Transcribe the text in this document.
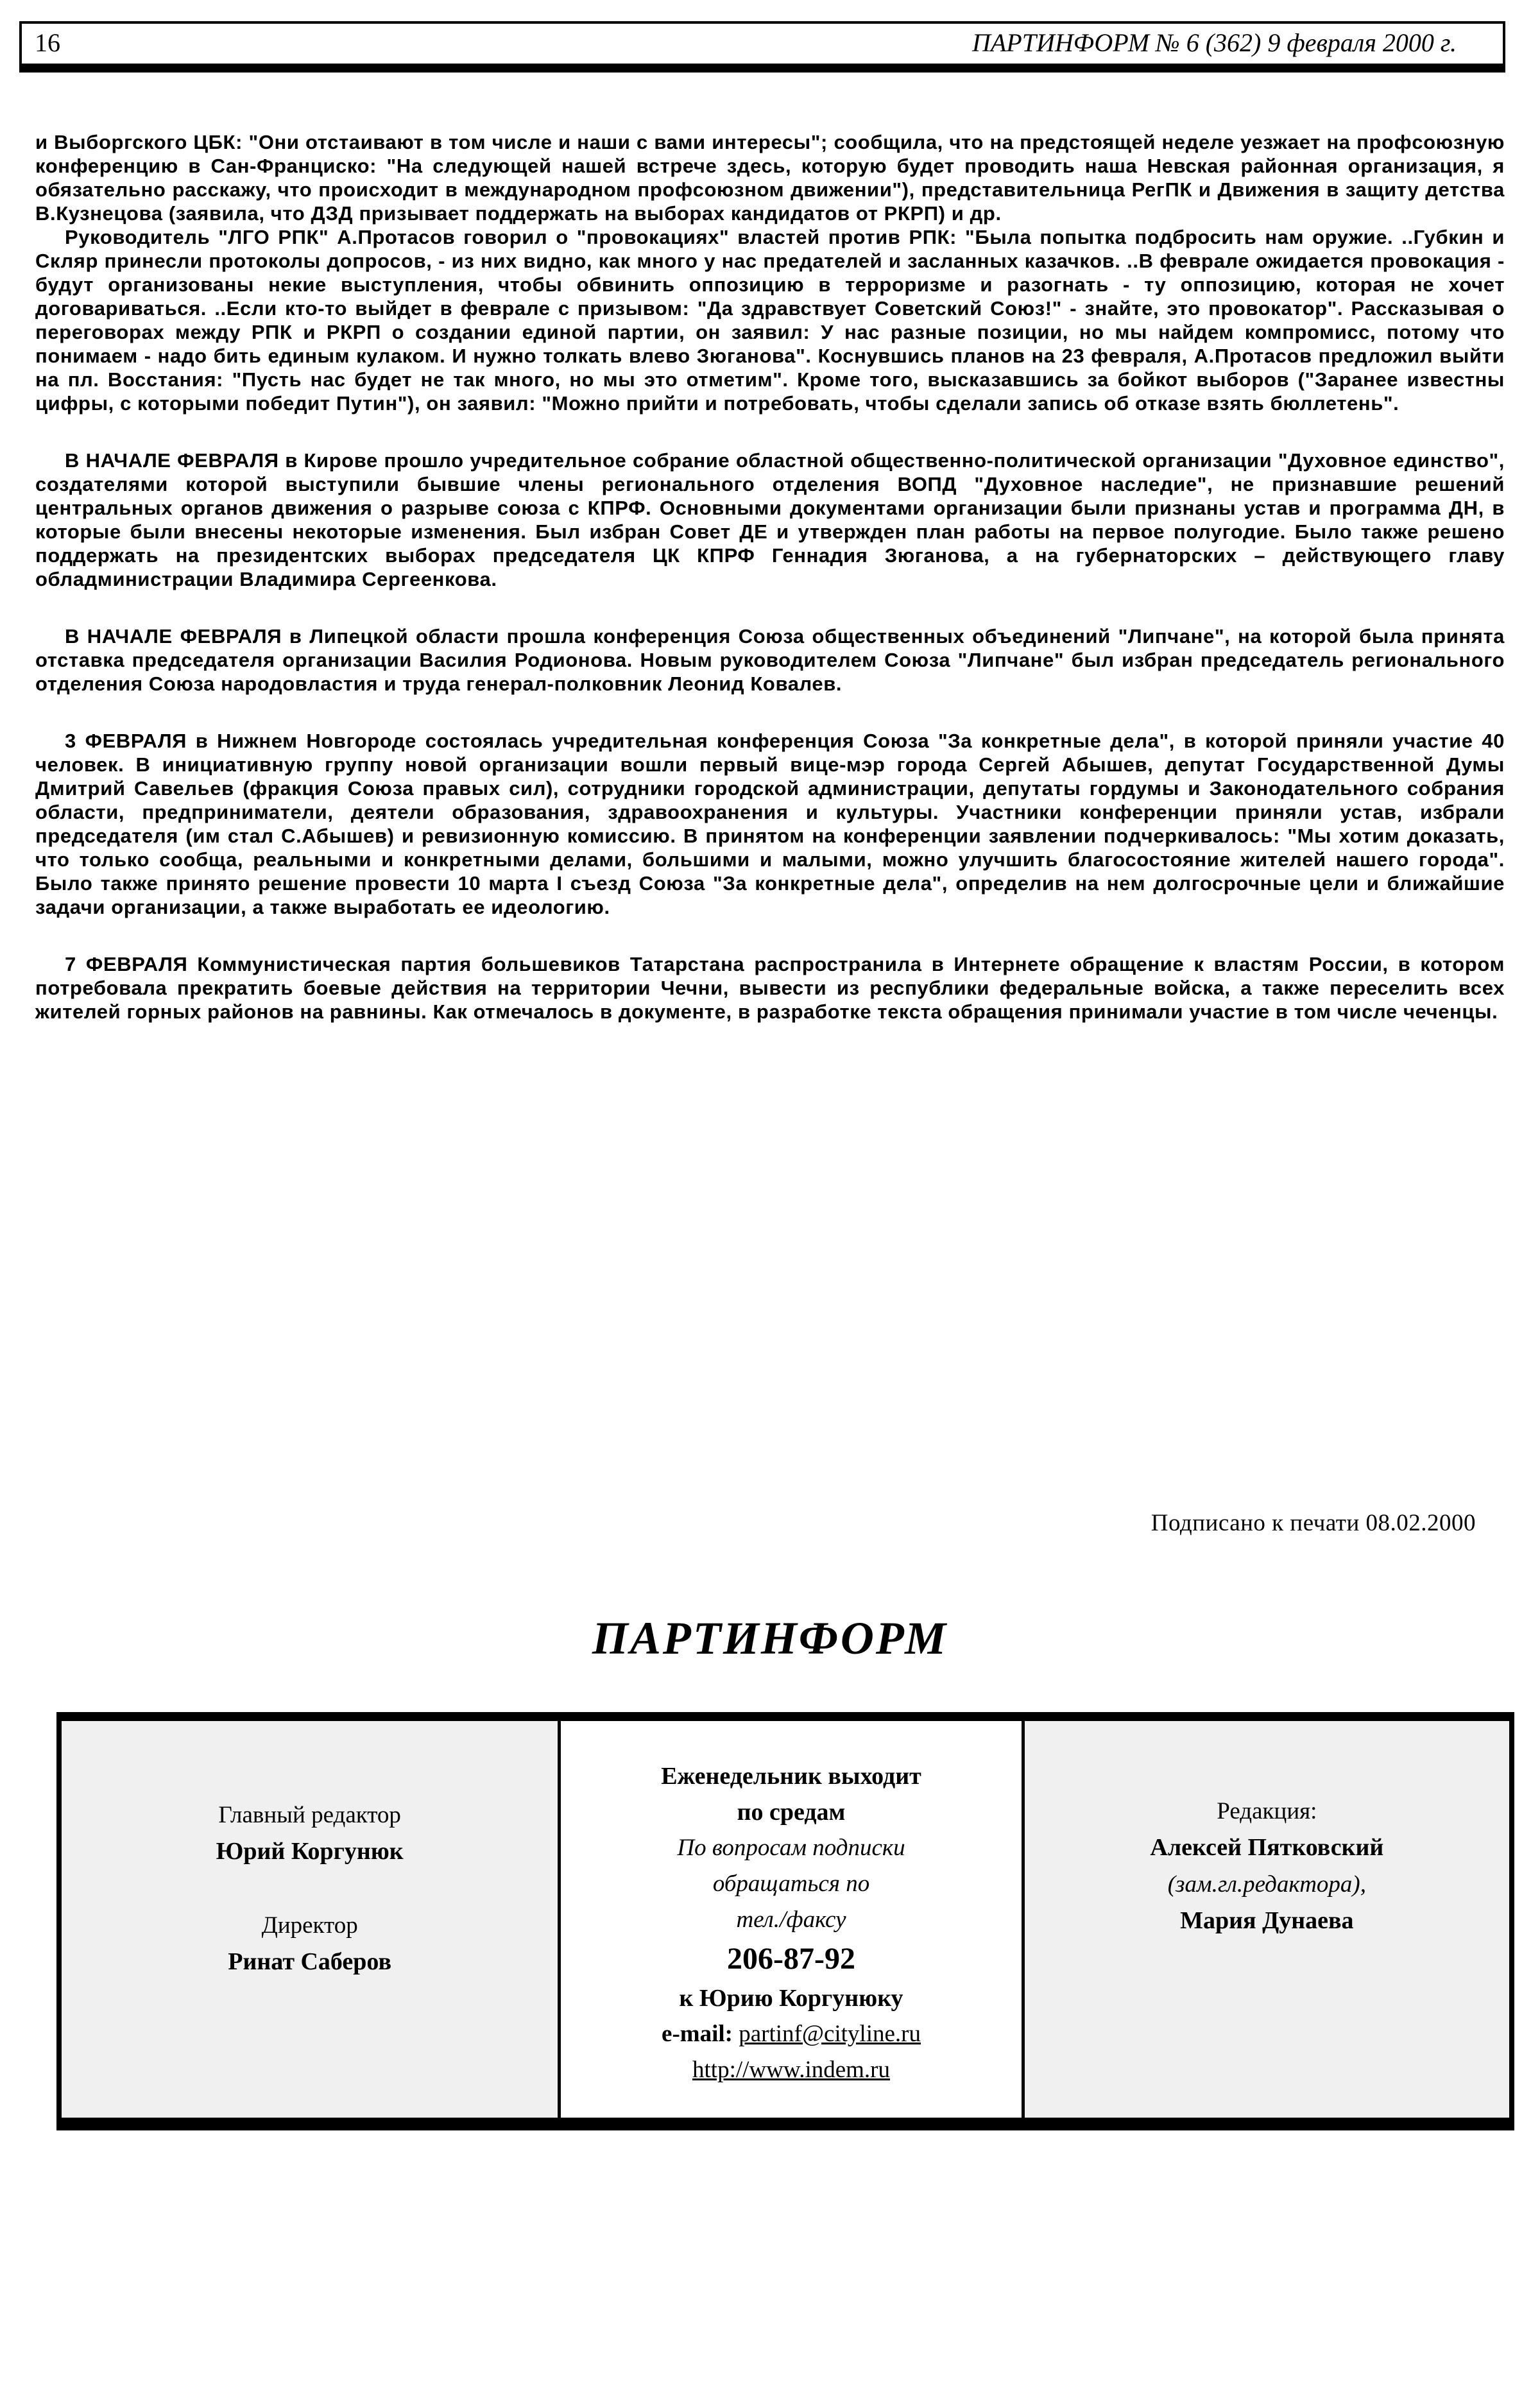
16	ПАРТИНФОРМ № 6 (362) 9 февраля 2000 г.

и Выборгского ЦБК: "Они отстаивают в том числе и наши с вами интересы"; сообщила, что на предстоящей неделе уезжает на профсоюзную конференцию в Сан-Франциско: "На следующей нашей встрече здесь, которую будет проводить наша Невская районная организация, я обязательно расскажу, что происходит в международном профсоюзном движении"), представительница РегПК и Движения в защиту детства В.Кузнецова (заявила, что ДЗД призывает поддержать на выборах кандидатов от РКРП) и др.

Руководитель "ЛГО РПК" А.Протасов говорил о "провокациях" властей против РПК: "Была попытка подбросить нам оружие. ..Губкин и Скляр принесли протоколы допросов, - из них видно, как много у нас предателей и засланных казачков. ..В феврале ожидается провокация - будут организованы некие выступления, чтобы обвинить оппозицию в терроризме и разогнать - ту оппозицию, которая не хочет договариваться. ..Если кто-то выйдет в феврале с призывом: "Да здравствует Советский Союз!" - знайте, это провокатор". Рассказывая о переговорах между РПК и РКРП о создании единой партии, он заявил: У нас разные позиции, но мы найдем компромисс, потому что понимаем - надо бить единым кулаком. И нужно толкать влево Зюганова". Коснувшись планов на 23 февраля, А.Протасов предложил выйти на пл. Восстания: "Пусть нас будет не так много, но мы это отметим". Кроме того, высказавшись за бойкот выборов ("Заранее известны цифры, с которыми победит Путин"), он заявил: "Можно прийти и потребовать, чтобы сделали запись об отказе взять бюллетень".

В НАЧАЛЕ ФЕВРАЛЯ в Кирове прошло учредительное собрание областной общественно-политической организации "Духовное единство", создателями которой выступили бывшие члены регионального отделения ВОПД "Духовное наследие", не признавшие решений центральных органов движения о разрыве союза с КПРФ. Основными документами организации были признаны устав и программа ДН, в которые были внесены некоторые изменения. Был избран Совет ДЕ и утвержден план работы на первое полугодие. Было также решено поддержать на президентских выборах председателя ЦК КПРФ Геннадия Зюганова, а на губернаторских – действующего главу обладминистрации Владимира Сергеенкова.

В НАЧАЛЕ ФЕВРАЛЯ в Липецкой области прошла конференция Союза общественных объединений "Липчане", на которой была принята отставка председателя организации Василия Родионова. Новым руководителем Союза "Липчане" был избран председатель регионального отделения Союза народовластия и труда генерал-полковник Леонид Ковалев.

3 ФЕВРАЛЯ в Нижнем Новгороде состоялась учредительная конференция Союза "За конкретные дела", в которой приняли участие 40 человек. В инициативную группу новой организации вошли первый вице-мэр города Сергей Абышев, депутат Государственной Думы Дмитрий Савельев (фракция Союза правых сил), сотрудники городской администрации, депутаты гордумы и Законодательного собрания области, предприниматели, деятели образования, здравоохранения и культуры. Участники конференции приняли устав, избрали председателя (им стал С.Абышев) и ревизионную комиссию. В принятом на конференции заявлении подчеркивалось: "Мы хотим доказать, что только сообща, реальными и конкретными делами, большими и малыми, можно улучшить благосостояние жителей нашего города". Было также принято решение провести 10 марта I съезд Союза "За конкретные дела", определив на нем долгосрочные цели и ближайшие задачи организации, а также выработать ее идеологию.

7 ФЕВРАЛЯ Коммунистическая партия большевиков Татарстана распространила в Интернете обращение к властям России, в котором потребовала прекратить боевые действия на территории Чечни, вывести из республики федеральные войска, а также переселить всех жителей горных районов на равнины. Как отмечалось в документе, в разработке текста обращения принимали участие в том числе чеченцы.

Подписано к печати 08.02.2000
ПАРТИНФОРМ
Главный редактор
Юрий Коргунюк
Директор
Ринат Саберов
Еженедельник выходит
по средам
По вопросам подписки
обращаться по
тел./факсу
206-87-92
к Юрию Коргунюку
e-mail: partinf@cityline.ru
http://www.indem.ru
Редакция:
Алексей Пятковский
(зам.гл.редактора),
Мария Дунаева
